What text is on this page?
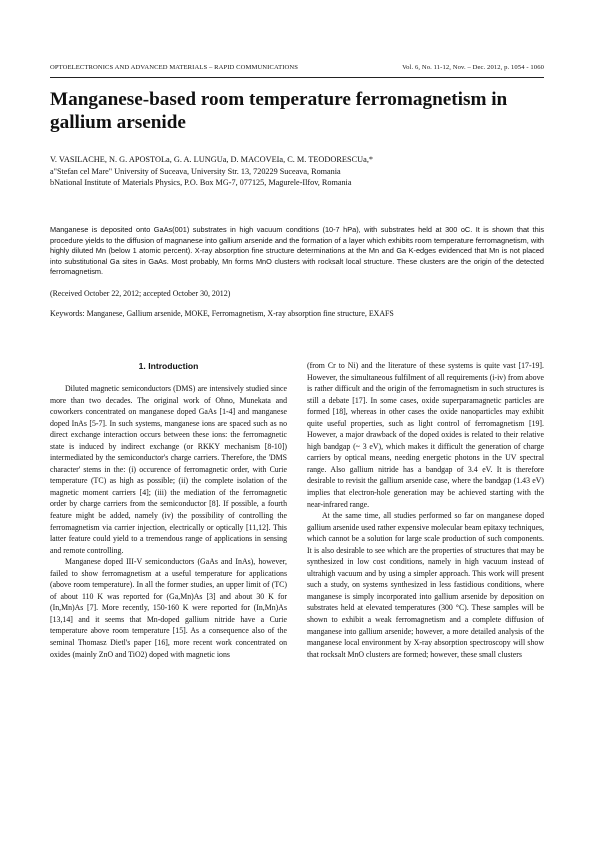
OPTOELECTRONICS AND ADVANCED MATERIALS – RAPID COMMUNICATIONS	Vol. 6, No. 11-12, Nov. – Dec. 2012, p. 1054 - 1060
Manganese-based room temperature ferromagnetism in gallium arsenide
V. VASILACHE, N. G. APOSTOLa, G. A. LUNGUa, D. MACOVEIa, C. M. TEODORESCUa,*
a"Stefan cel Mare" University of Suceava, University Str. 13, 720229 Suceava, Romania
bNational Institute of Materials Physics, P.O. Box MG-7, 077125, Magurele-Ilfov, Romania

Manganese is deposited onto GaAs(001) substrates in high vacuum conditions (10-7 hPa), with substrates held at 300 oC. It is shown that this procedure yields to the diffusion of magnanese into gallium arsenide and the formation of a layer which exhibits room temperature ferromagnetism, with highly diluted Mn (below 1 atomic percent). X-ray absorption fine structure determinations at the Mn and Ga K-edges evidenced that Mn is not placed into substitutional Ga sites in GaAs. Most probably, Mn forms MnO clusters with rocksalt local structure. These clusters are the origin of the detected ferromagnetism.

(Received October 22, 2012; accepted October 30, 2012)
Keywords: Manganese, Gallium arsenide, MOKE, Ferromagnetism, X-ray absorption fine structure, EXAFS
1. Introduction

Diluted magnetic semiconductors (DMS) are intensively studied since more than two decades. The original work of Ohno, Munekata and coworkers concentrated on manganese doped GaAs [1-4] and manganese doped InAs [5-7]. In such systems, manganese ions are spaced such as no direct exchange interaction occurs between these ions: the ferromagnetic state is induced by indirect exchange (or RKKY mechanism [8-10]) intermediated by the semiconductor's charge carriers. Therefore, the 'DMS character' stems in the: (i) occurence of ferromagnetic order, with Curie temperature (TC) as high as possible; (ii) the complete isolation of the magnetic moment carriers [4]; (iii) the mediation of the ferromagnetic order by charge carriers from the semiconductor [8]. If possible, a fourth feature might be added, namely (iv) the possibility of controlling the ferromagnetism via carrier injection, electrically or optically [11,12]. This latter feature could yield to a tremendous range of applications in sensing and remote controlling.

Manganese doped III-V semiconductors (GaAs and InAs), however, failed to show ferromagnetism at a useful temperature for applications (above room temperature). In all the former studies, an upper limit of (TC) of about 110 K was reported for (Ga,Mn)As [3] and about 30 K for (In,Mn)As [7]. More recently, 150-160 K were reported for (In,Mn)As [13,14] and it seems that Mn-doped gallium nitride have a Curie temperature above room temperature [15]. As a consequence also of the seminal Thomasz Dietl's paper [16], more recent work concentrated on oxides (mainly ZnO and TiO2) doped with magnetic ions

(from Cr to Ni) and the literature of these systems is quite vast [17-19]. However, the simultaneous fulfilment of all requirements (i-iv) from above is rather difficult and the origin of the ferromagnetism in such structures is still a debate [17]. In some cases, oxide superparamagnetic particles are formed [18], whereas in other cases the oxide nanoparticles may exhibit quite useful properties, such as light control of ferromagnetism [19]. However, a major drawback of the doped oxides is related to their relative high bandgap (~ 3 eV), which makes it difficult the generation of charge carriers by optical means, needing energetic photons in the UV spectral range. Also gallium nitride has a bandgap of 3.4 eV. It is therefore desirable to revisit the gallium arsenide case, where the bandgap (1.43 eV) implies that electron-hole generation may be achieved starting with the near-infrared range.

At the same time, all studies performed so far on manganese doped gallium arsenide used rather expensive molecular beam epitaxy techniques, which cannot be a solution for large scale production of such components. It is also desirable to see which are the properties of structures that may be synthesized in low cost conditions, namely in high vacuum instead of ultrahigh vacuum and by using a simpler approach. This work will present such a study, on systems synthesized in less fastidious conditions, where manganese is simply incorporated into gallium arsenide by deposition on substrates held at elevated temperatures (300 °C). These samples will be shown to exhibit a weak ferromagnetism and a complete diffusion of manganese into gallium arsenide; however, a more detailed analysis of the manganese local environment by X-ray absorption spectroscopy will show that rocksalt MnO clusters are formed; however, these small clusters
